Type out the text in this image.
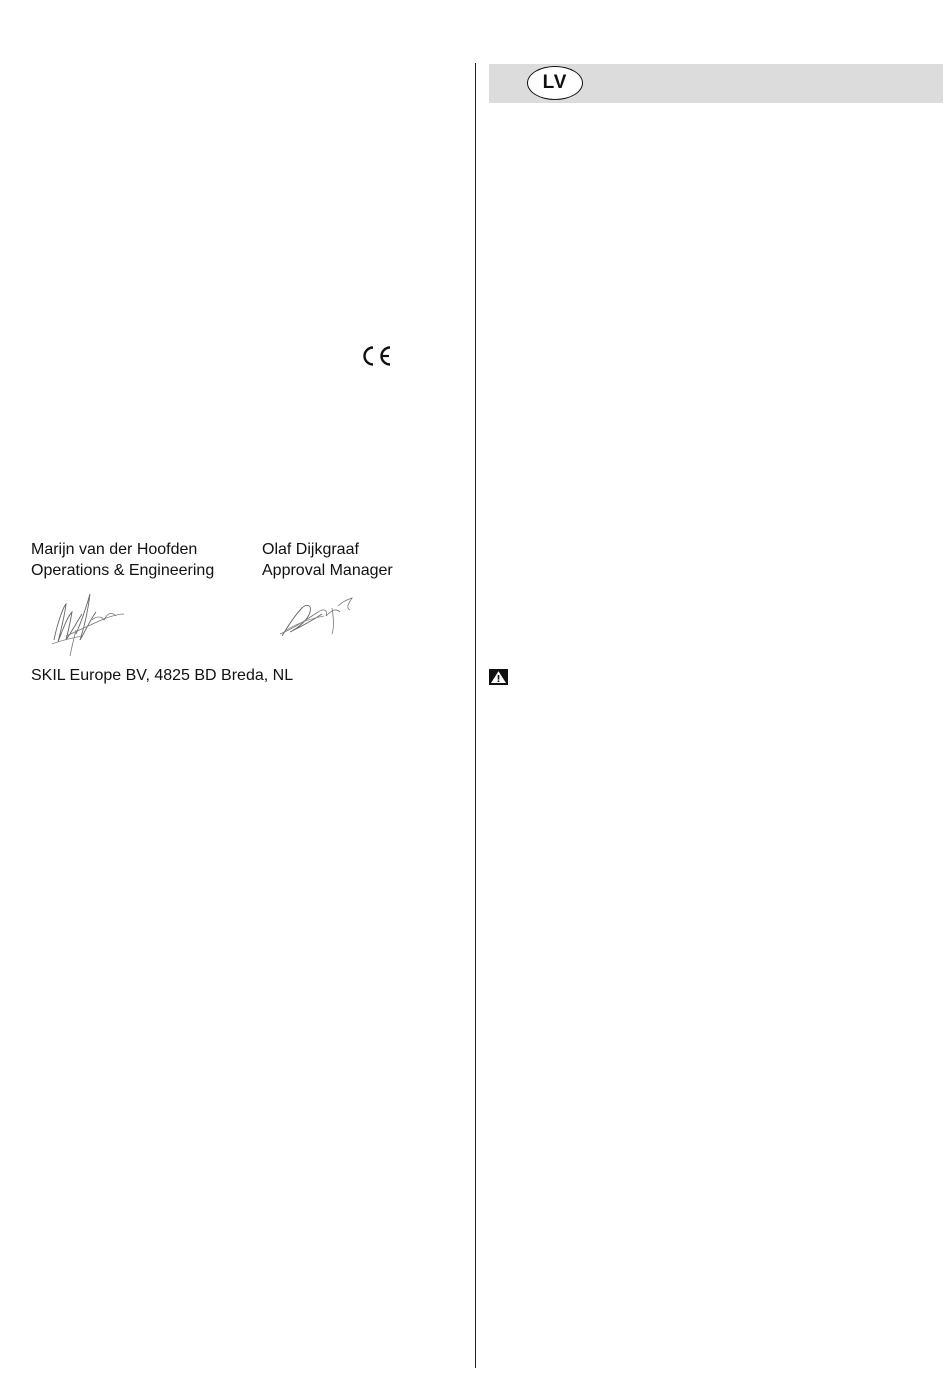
LV
Marijn van der Hoofden
Operations & Engineering
Olaf Dijkgraaf
Approval Manager
SKIL Europe BV, 4825 BD Breda, NL
